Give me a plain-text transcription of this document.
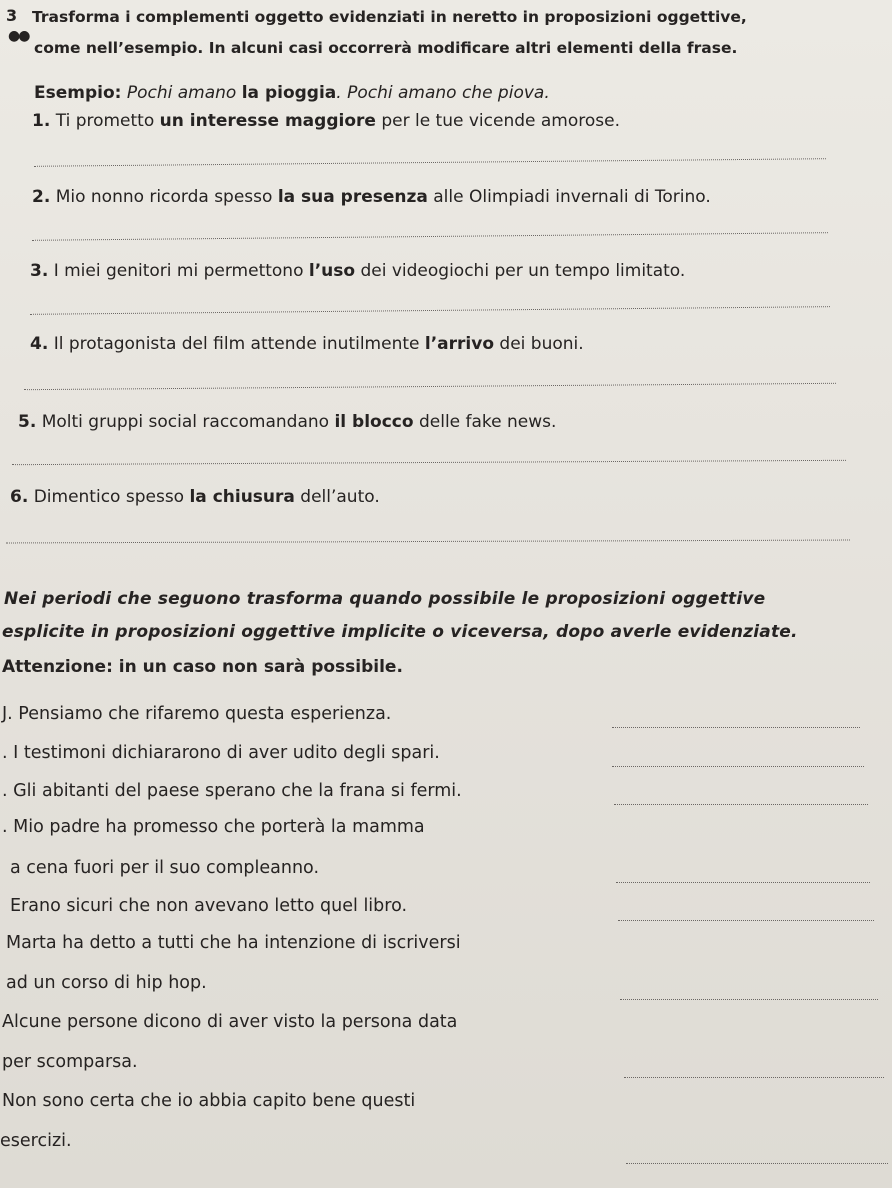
3
●●
Trasforma i complementi oggetto evidenziati in neretto in proposizioni oggettive,
come nell’esempio. In alcuni casi occorrerà modificare altri elementi della frase.
Esempio: Pochi amano la pioggia. Pochi amano che piova.
1. Ti prometto un interesse maggiore per le tue vicende amorose.
2. Mio nonno ricorda spesso la sua presenza alle Olimpiadi invernali di Torino.
3. I miei genitori mi permettono l’uso dei videogiochi per un tempo limitato.
4. Il protagonista del film attende inutilmente l’arrivo dei buoni.
5. Molti gruppi social raccomandano il blocco delle fake news.
6. Dimentico spesso la chiusura dell’auto.
Nei periodi che seguono trasforma quando possibile le proposizioni oggettive
esplicite in proposizioni oggettive implicite o viceversa, dopo averle evidenziate.
Attenzione: in un caso non sarà possibile.
J. Pensiamo che rifaremo questa esperienza.
. I testimoni dichiararono di aver udito degli spari.
. Gli abitanti del paese sperano che la frana si fermi.
. Mio padre ha promesso che porterà la mamma
a cena fuori per il suo compleanno.
Erano sicuri che non avevano letto quel libro.
Marta ha detto a tutti che ha intenzione di iscriversi
ad un corso di hip hop.
Alcune persone dicono di aver visto la persona data
per scomparsa.
Non sono certa che io abbia capito bene questi
esercizi.
